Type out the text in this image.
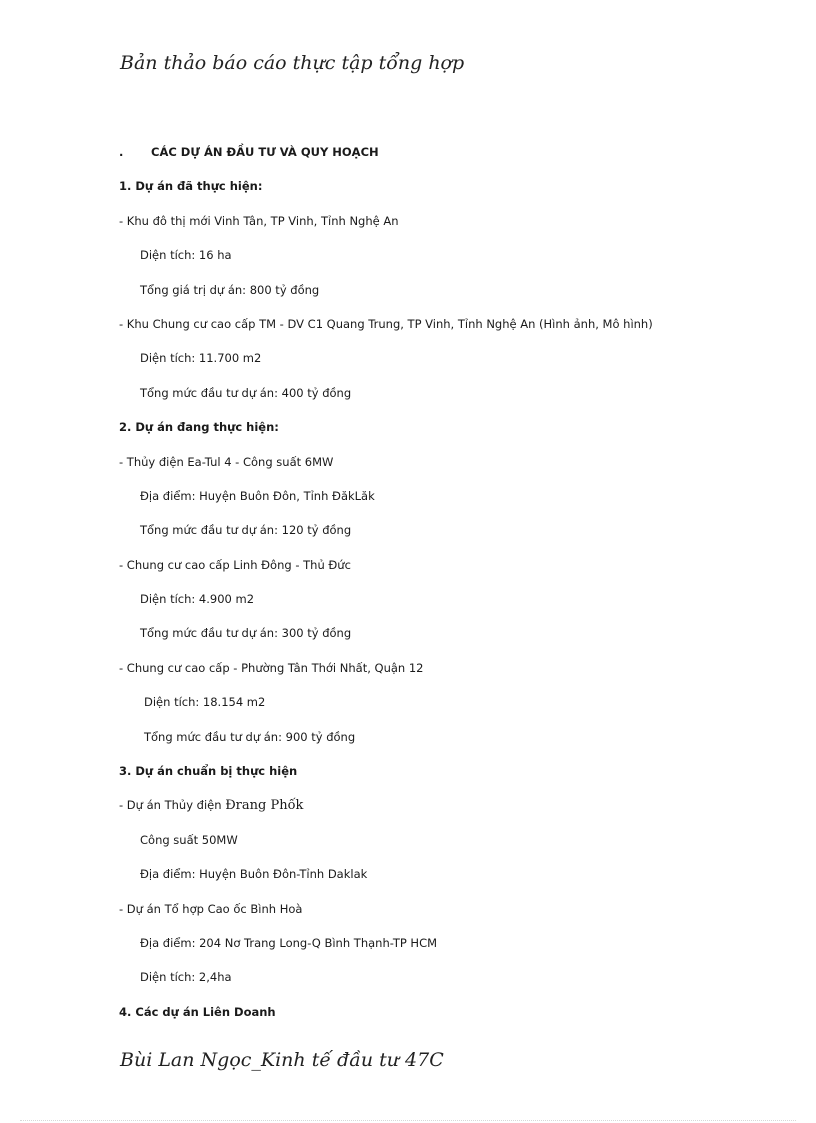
Bản thảo báo cáo thực tập tổng hợp
. CÁC DỰ ÁN ĐẦU TƯ VÀ QUY HOẠCH
1. Dự án đã thực hiện:
- Khu đô thị mới Vinh Tân, TP Vinh, Tỉnh Nghệ An
Diện tích: 16 ha
Tổng giá trị dự án: 800 tỷ đồng
- Khu Chung cư cao cấp TM - DV C1 Quang Trung, TP Vinh, Tỉnh Nghệ An (Hình ảnh, Mô hình)
Diện tích: 11.700 m2
Tổng mức đầu tư dự án: 400 tỷ đồng
2. Dự án đang thực hiện:
- Thủy điện Ea-Tul 4 - Công suất 6MW
Địa điểm: Huyện Buôn Đôn, Tỉnh ĐăkLăk
Tổng mức đầu tư dự án: 120 tỷ đồng
- Chung cư cao cấp Linh Đông - Thủ Đức
Diện tích: 4.900 m2
Tổng mức đầu tư dự án: 300 tỷ đồng
- Chung cư cao cấp - Phường Tân Thới Nhất, Quận 12
Diện tích: 18.154 m2
Tổng mức đầu tư dự án: 900 tỷ đồng
3. Dự án chuẩn bị thực hiện
- Dự án Thủy điện Đrang Phốk
Công suất 50MW
Địa điểm: Huyện Buôn Đôn-Tỉnh Daklak
- Dự án Tổ hợp Cao ốc Bình Hoà
Địa điểm: 204 Nơ Trang Long-Q Bình Thạnh-TP HCM
Diện tích: 2,4ha
4. Các dự án Liên Doanh
Bùi Lan Ngọc_Kinh tế đầu tư 47C
